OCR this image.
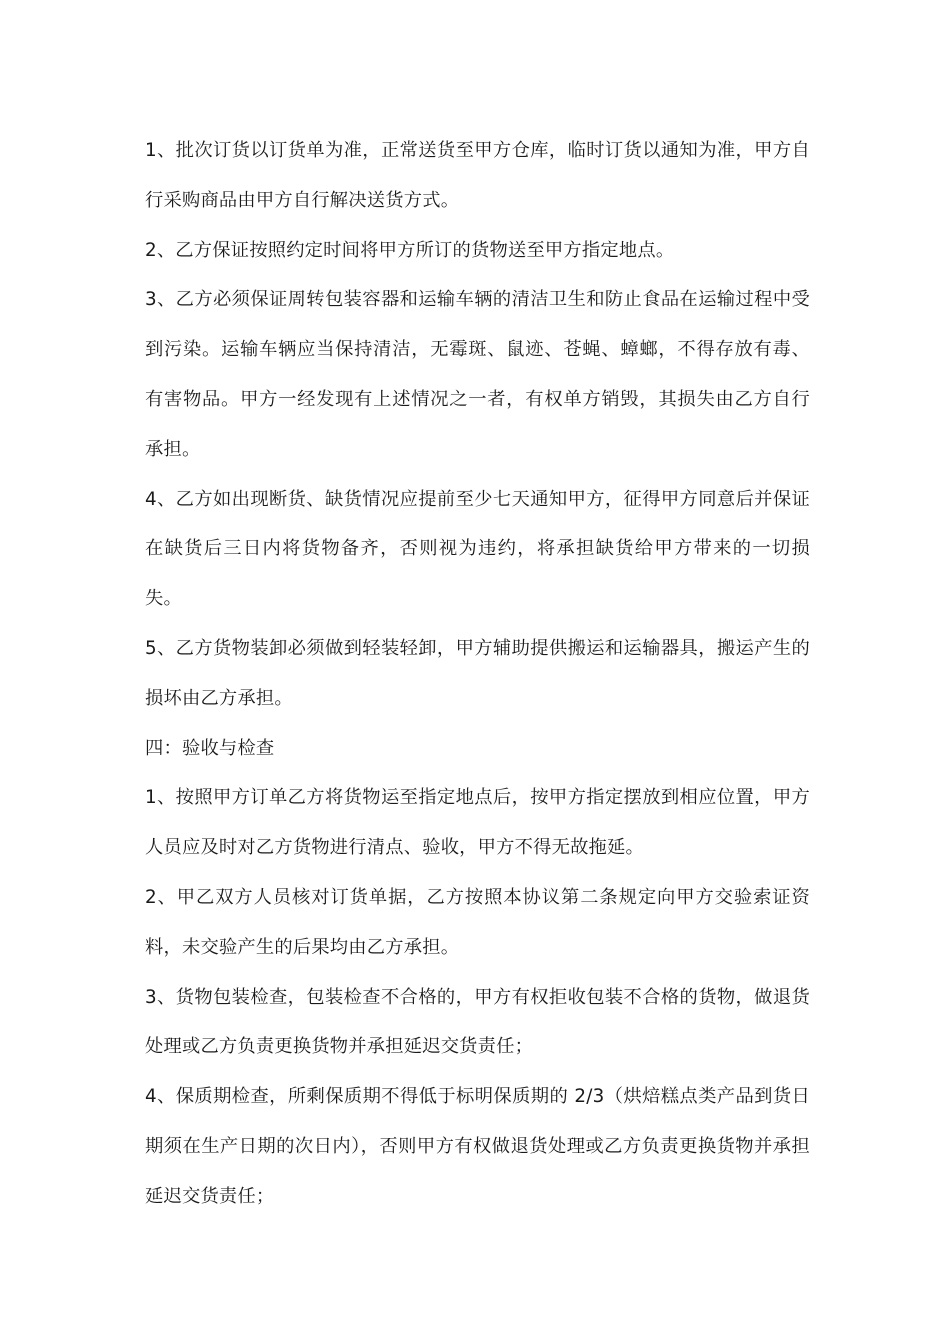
1、批次订货以订货单为准，正常送货至甲方仓库，临时订货以通知为准，甲方自行采购商品由甲方自行解决送货方式。

2、乙方保证按照约定时间将甲方所订的货物送至甲方指定地点。

3、乙方必须保证周转包装容器和运输车辆的清洁卫生和防止食品在运输过程中受到污染。运输车辆应当保持清洁，无霉斑、鼠迹、苍蝇、蟑螂，不得存放有毒、有害物品。甲方一经发现有上述情况之一者，有权单方销毁，其损失由乙方自行承担。

4、乙方如出现断货、缺货情况应提前至少七天通知甲方，征得甲方同意后并保证在缺货后三日内将货物备齐，否则视为违约，将承担缺货给甲方带来的一切损失。

5、乙方货物装卸必须做到轻装轻卸，甲方辅助提供搬运和运输器具，搬运产生的损坏由乙方承担。

四：验收与检查

1、按照甲方订单乙方将货物运至指定地点后，按甲方指定摆放到相应位置，甲方人员应及时对乙方货物进行清点、验收，甲方不得无故拖延。

2、甲乙双方人员核对订货单据，乙方按照本协议第二条规定向甲方交验索证资料，未交验产生的后果均由乙方承担。

3、货物包装检查，包装检查不合格的，甲方有权拒收包装不合格的货物，做退货处理或乙方负责更换货物并承担延迟交货责任；

4、保质期检查，所剩保质期不得低于标明保质期的 2/3（烘焙糕点类产品到货日期须在生产日期的次日内），否则甲方有权做退货处理或乙方负责更换货物并承担延迟交货责任；
